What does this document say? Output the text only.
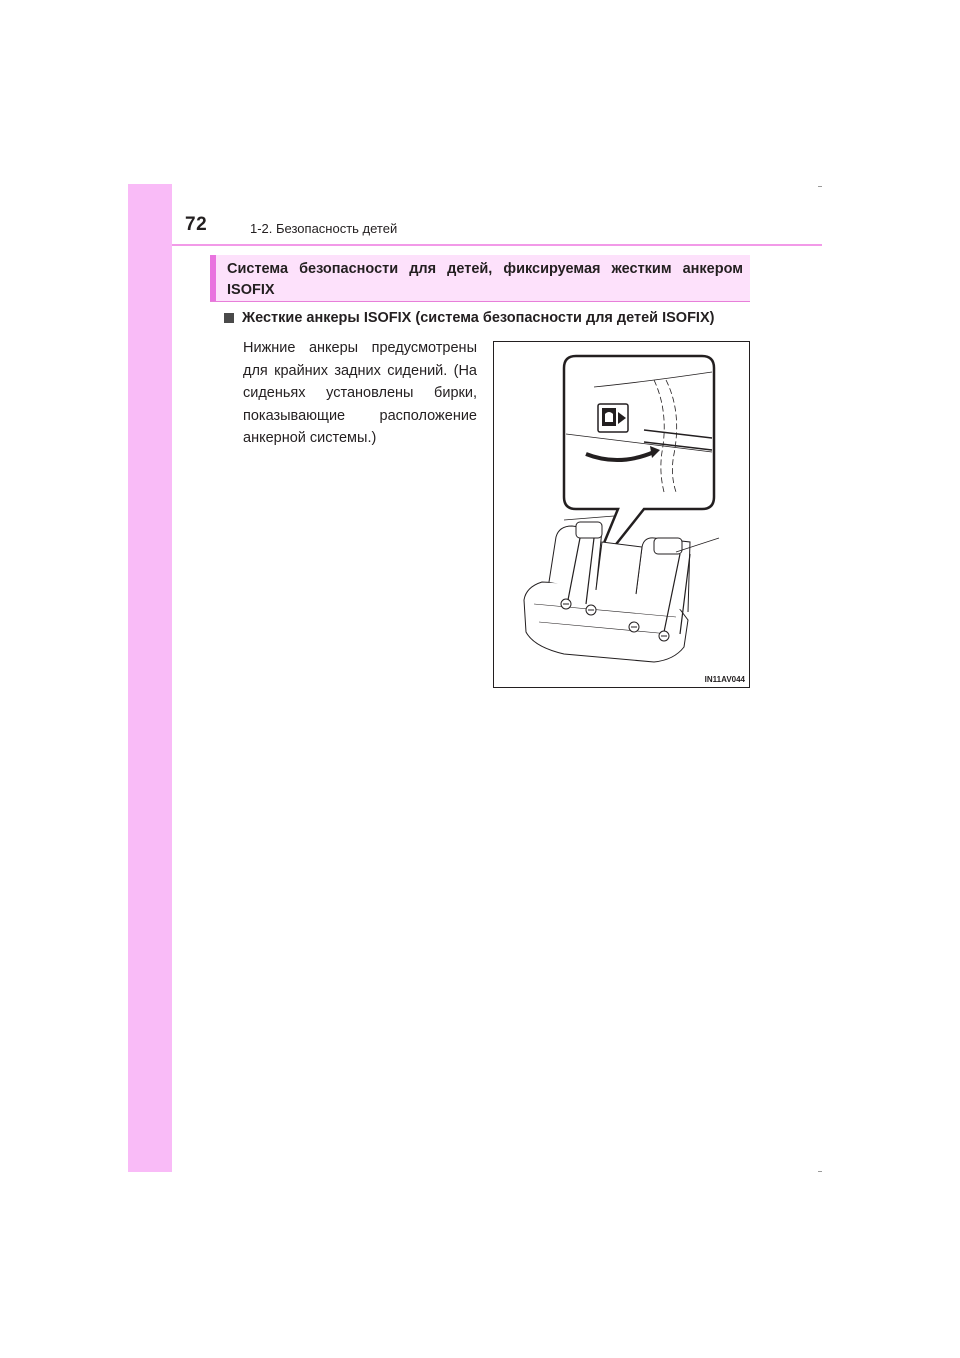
72	1-2. Безопасность детей
Система безопасности для детей, фиксируемая жестким анкером ISOFIX
Жесткие анкеры ISOFIX (система безопасности для детей ISOFIX)
Нижние анкеры предусмотрены для крайних задних сидений. (На сиденьях установлены бирки, показывающие расположение анкерной системы.)
IN11AV044
